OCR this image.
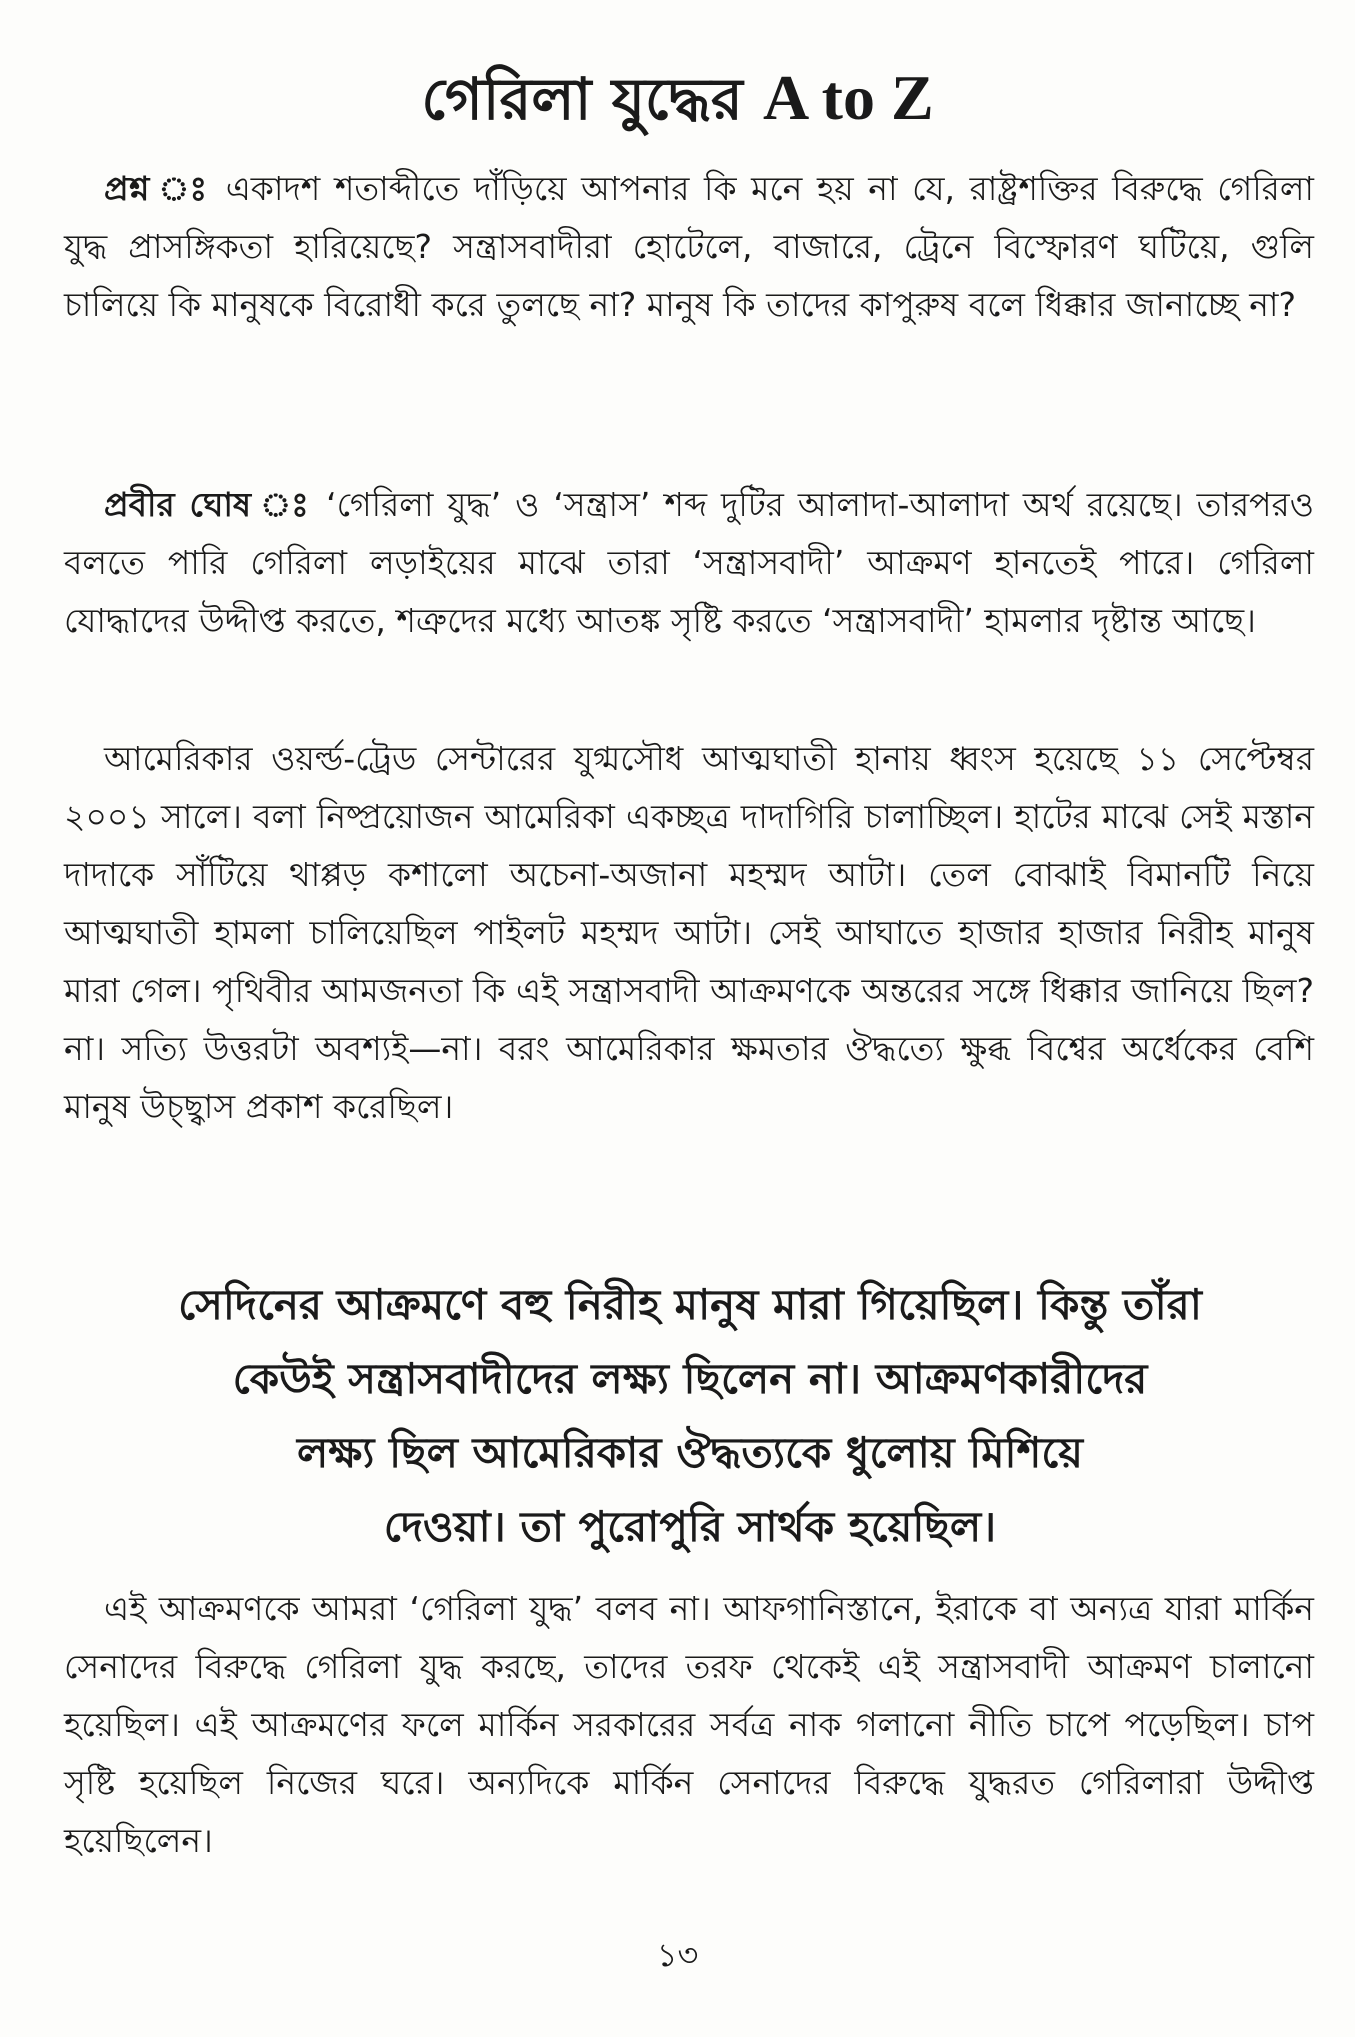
গেরিলা যুদ্ধের A to Z

প্রশ্ন ঃ একাদশ শতাব্দীতে দাঁড়িয়ে আপনার কি মনে হয় না যে, রাষ্ট্রশক্তির বিরুদ্ধে গেরিলা যুদ্ধ প্রাসঙ্গিকতা হারিয়েছে? সন্ত্রাসবাদীরা হোটেলে, বাজারে, ট্রেনে বিস্ফোরণ ঘটিয়ে, গুলি চালিয়ে কি মানুষকে বিরোধী করে তুলছে না? মানুষ কি তাদের কাপুরুষ বলে ধিক্কার জানাচ্ছে না?

প্রবীর ঘোষ ঃ ‘গেরিলা যুদ্ধ’ ও ‘সন্ত্রাস’ শব্দ দুটির আলাদা-আলাদা অর্থ রয়েছে। তারপরও বলতে পারি গেরিলা লড়াইয়ের মাঝে তারা ‘সন্ত্রাসবাদী’ আক্রমণ হানতেই পারে। গেরিলা যোদ্ধাদের উদ্দীপ্ত করতে, শত্রুদের মধ্যে আতঙ্ক সৃষ্টি করতে ‘সন্ত্রাসবাদী’ হামলার দৃষ্টান্ত আছে।

আমেরিকার ওয়র্ল্ড-ট্রেড সেন্টারের যুগ্মসৌধ আত্মঘাতী হানায় ধ্বংস হয়েছে ১১ সেপ্টেম্বর ২০০১ সালে। বলা নিষ্প্রয়োজন আমেরিকা একচ্ছত্র দাদাগিরি চালাচ্ছিল। হাটের মাঝে সেই মস্তান দাদাকে সাঁটিয়ে থাপ্পড় কশালো অচেনা-অজানা মহম্মদ আটা। তেল বোঝাই বিমানটি নিয়ে আত্মঘাতী হামলা চালিয়েছিল পাইলট মহম্মদ আটা। সেই আঘাতে হাজার হাজার নিরীহ মানুষ মারা গেল। পৃথিবীর আমজনতা কি এই সন্ত্রাসবাদী আক্রমণকে অন্তরের সঙ্গে ধিক্কার জানিয়ে ছিল? না। সত্যি উত্তরটা অবশ্যই—না। বরং আমেরিকার ক্ষমতার ঔদ্ধত্যে ক্ষুব্ধ বিশ্বের অর্ধেকের বেশি মানুষ উচ্ছ্বাস প্রকাশ করেছিল।

সেদিনের আক্রমণে বহু নিরীহ মানুষ মারা গিয়েছিল। কিন্তু তাঁরা
কেউই সন্ত্রাসবাদীদের লক্ষ্য ছিলেন না। আক্রমণকারীদের
লক্ষ্য ছিল আমেরিকার ঔদ্ধত্যকে ধুলোয় মিশিয়ে
দেওয়া। তা পুরোপুরি সার্থক হয়েছিল।

এই আক্রমণকে আমরা ‘গেরিলা যুদ্ধ’ বলব না। আফগানিস্তানে, ইরাকে বা অন্যত্র যারা মার্কিন সেনাদের বিরুদ্ধে গেরিলা যুদ্ধ করছে, তাদের তরফ থেকেই এই সন্ত্রাসবাদী আক্রমণ চালানো হয়েছিল। এই আক্রমণের ফলে মার্কিন সরকারের সর্বত্র নাক গলানো নীতি চাপে পড়েছিল। চাপ সৃষ্টি হয়েছিল নিজের ঘরে। অন্যদিকে মার্কিন সেনাদের বিরুদ্ধে যুদ্ধরত গেরিলারা উদ্দীপ্ত হয়েছিলেন।

১৩
